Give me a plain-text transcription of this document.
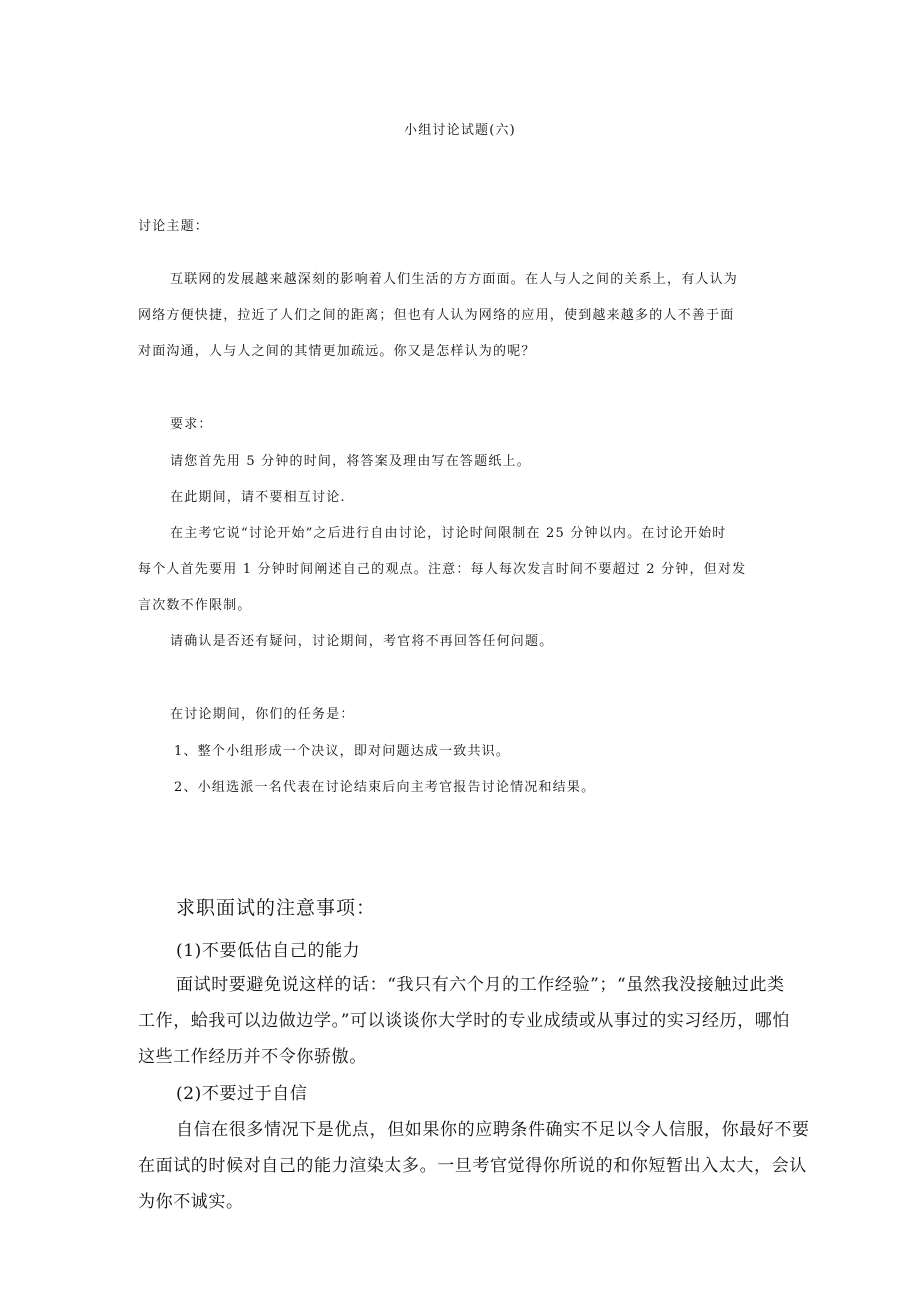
小组讨论试题(六)
讨论主题：
互联网的发展越来越深刻的影响着人们生活的方方面面。在人与人之间的关系上，有人认为
网络方便快捷，拉近了人们之间的距离；但也有人认为网络的应用，使到越来越多的人不善于面
对面沟通，人与人之间的其情更加疏远。你又是怎样认为的呢？
要求：
请您首先用 5 分钟的时间，将答案及理由写在答题纸上。
在此期间，请不要相互讨论.
在主考它说“讨论开始”之后进行自由讨论，讨论时间限制在 25 分钟以内。在讨论开始时
每个人首先要用 1 分钟时间阐述自己的观点。注意：每人每次发言时间不要超过 2 分钟，但对发
言次数不作限制。
请确认是否还有疑问，讨论期间，考官将不再回答任何问题。
在讨论期间，你们的任务是：
1、整个小组形成一个决议，即对问题达成一致共识。
2、小组选派一名代表在讨论结束后向主考官报告讨论情况和结果。
求职面试的注意事项：
(1)不要低估自己的能力
面试时要避免说这样的话：“我只有六个月的工作经验”；“虽然我没接触过此类
工作，蛤我可以边做边学。”可以谈谈你大学时的专业成绩或从事过的实习经历，哪怕
这些工作经历并不令你骄傲。
(2)不要过于自信
自信在很多情况下是优点，但如果你的应聘条件确实不足以令人信服，你最好不要
在面试的时候对自己的能力渲染太多。一旦考官觉得你所说的和你短暂出入太大，会认
为你不诚实。
